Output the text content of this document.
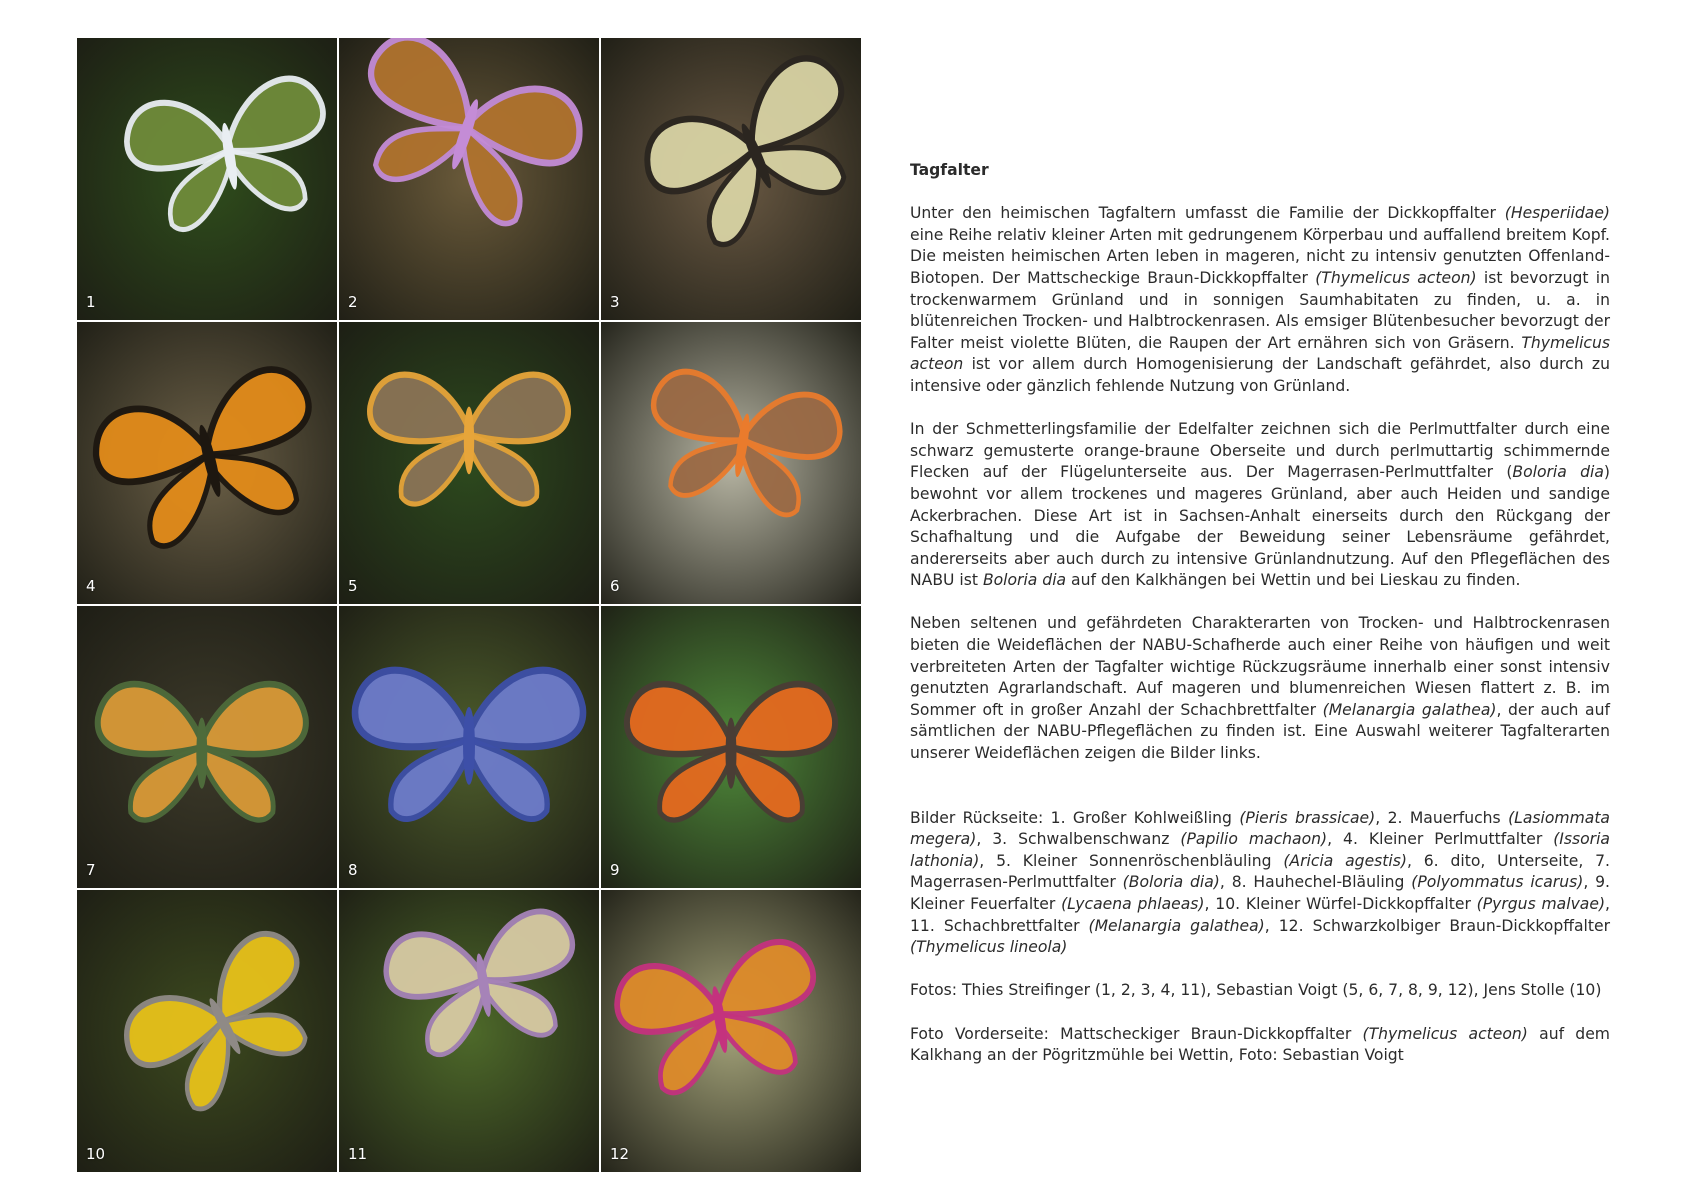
1	2	3
4	5	6
7	8	9
10	11	12
Tagfalter

Unter den heimischen Tagfaltern umfasst die Familie der Dickkopffalter (Hesperiidae) eine Reihe relativ kleiner Arten mit gedrungenem Körperbau und auffallend breitem Kopf. Die meisten heimischen Arten leben in mageren, nicht zu intensiv genutzten Offenland-Biotopen. Der Mattscheckige Braun-Dickkopffalter (Thymelicus acteon) ist bevorzugt in trockenwarmem Grünland und in sonnigen Saumhabitaten zu finden, u. a. in blütenreichen Trocken- und Halbtrockenrasen. Als emsiger Blütenbesucher bevorzugt der Falter meist violette Blüten, die Raupen der Art ernähren sich von Gräsern. Thymelicus acteon ist vor allem durch Homogenisierung der Landschaft gefährdet, also durch zu intensive oder gänzlich fehlende Nutzung von Grünland.

In der Schmetterlingsfamilie der Edelfalter zeichnen sich die Perlmuttfalter durch eine schwarz gemusterte orange-braune Oberseite und durch perlmuttartig schimmernde Flecken auf der Flügelunterseite aus. Der Magerrasen-Perlmuttfalter (Boloria dia) bewohnt vor allem trockenes und mageres Grünland, aber auch Heiden und sandige Ackerbrachen. Diese Art ist in Sachsen-Anhalt einerseits durch den Rückgang der Schafhaltung und die Aufgabe der Beweidung seiner Lebensräume gefährdet, andererseits aber auch durch zu intensive Grünlandnutzung. Auf den Pflegeflächen des NABU ist Boloria dia auf den Kalkhängen bei Wettin und bei Lieskau zu finden.

Neben seltenen und gefährdeten Charakterarten von Trocken- und Halbtrockenrasen bieten die Weideflächen der NABU-Schafherde auch einer Reihe von häufigen und weit verbreiteten Arten der Tagfalter wichtige Rückzugsräume innerhalb einer sonst intensiv genutzten Agrarlandschaft. Auf mageren und blumenreichen Wiesen flattert z. B. im Sommer oft in großer Anzahl der Schachbrettfalter (Melanargia galathea), der auch auf sämtlichen der NABU-Pflegeflächen zu finden ist. Eine Auswahl weiterer Tagfalterarten unserer Weideflächen zeigen die Bilder links.

Bilder Rückseite: 1. Großer Kohlweißling (Pieris brassicae), 2. Mauerfuchs (Lasiommata megera), 3. Schwalbenschwanz (Papilio machaon), 4. Kleiner Perlmuttfalter (Issoria lathonia), 5. Kleiner Sonnenröschenbläuling (Aricia agestis), 6. dito, Unterseite, 7. Magerrasen-Perlmuttfalter (Boloria dia), 8. Hauhechel-Bläuling (Polyommatus icarus), 9. Kleiner Feuerfalter (Lycaena phlaeas), 10. Kleiner Würfel-Dickkopffalter (Pyrgus malvae), 11. Schachbrettfalter (Melanargia galathea), 12. Schwarzkolbiger Braun-Dickkopffalter (Thymelicus lineola)

Fotos: Thies Streifinger (1, 2, 3, 4, 11), Sebastian Voigt (5, 6, 7, 8, 9, 12), Jens Stolle (10)

Foto Vorderseite: Mattscheckiger Braun-Dickkopffalter (Thymelicus acteon) auf dem Kalkhang an der Pögritzmühle bei Wettin, Foto: Sebastian Voigt
